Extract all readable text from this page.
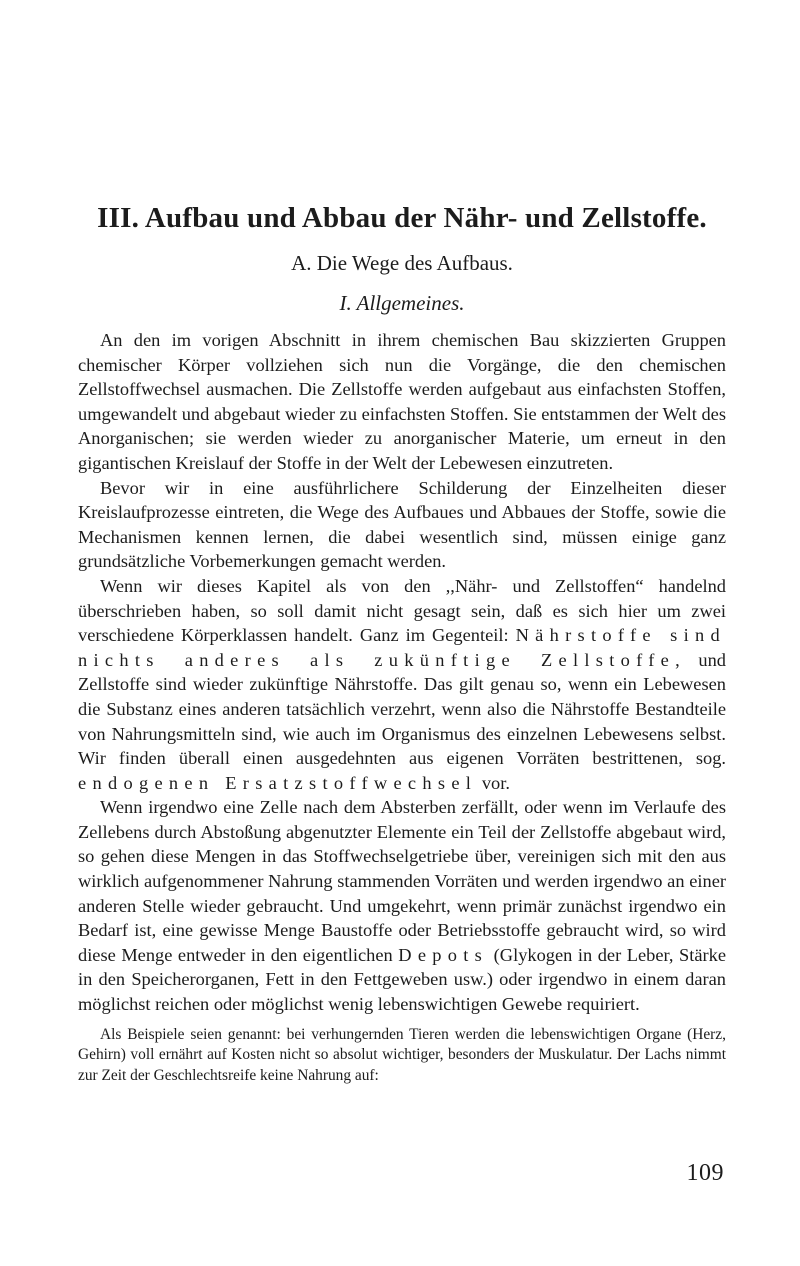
III. Aufbau und Abbau der Nähr- und Zellstoffe.
A. Die Wege des Aufbaus.
I. Allgemeines.

An den im vorigen Abschnitt in ihrem chemischen Bau skizzierten Gruppen chemischer Körper vollziehen sich nun die Vorgänge, die den chemischen Zellstoffwechsel ausmachen. Die Zellstoffe werden aufgebaut aus einfachsten Stoffen, umgewandelt und abgebaut wieder zu einfachsten Stoffen. Sie entstammen der Welt des Anorganischen; sie werden wieder zu anorganischer Materie, um erneut in den gigantischen Kreislauf der Stoffe in der Welt der Lebewesen einzutreten.

Bevor wir in eine ausführlichere Schilderung der Einzelheiten dieser Kreislaufprozesse eintreten, die Wege des Aufbaues und Abbaues der Stoffe, sowie die Mechanismen kennen lernen, die dabei wesentlich sind, müssen einige ganz grundsätzliche Vorbemerkungen gemacht werden.

Wenn wir dieses Kapitel als von den ,,Nähr- und Zellstoffen“ handelnd überschrieben haben, so soll damit nicht gesagt sein, daß es sich hier um zwei verschiedene Körperklassen handelt. Ganz im Gegenteil: Nährstoffe sind nichts anderes als zukünftige Zellstoffe, und Zellstoffe sind wieder zukünftige Nährstoffe. Das gilt genau so, wenn ein Lebewesen die Substanz eines anderen tatsächlich verzehrt, wenn also die Nährstoffe Bestandteile von Nahrungsmitteln sind, wie auch im Organismus des einzelnen Lebewesens selbst. Wir finden überall einen ausgedehnten aus eigenen Vorräten bestrittenen, sog. endogenen Ersatzstoffwechsel vor.

Wenn irgendwo eine Zelle nach dem Absterben zerfällt, oder wenn im Verlaufe des Zellebens durch Abstoßung abgenutzter Elemente ein Teil der Zellstoffe abgebaut wird, so gehen diese Mengen in das Stoffwechselgetriebe über, vereinigen sich mit den aus wirklich aufgenommener Nahrung stammenden Vorräten und werden irgendwo an einer anderen Stelle wieder gebraucht. Und umgekehrt, wenn primär zunächst irgendwo ein Bedarf ist, eine gewisse Menge Baustoffe oder Betriebsstoffe gebraucht wird, so wird diese Menge entweder in den eigentlichen Depots (Glykogen in der Leber, Stärke in den Speicherorganen, Fett in den Fettgeweben usw.) oder irgendwo in einem daran möglichst reichen oder möglichst wenig lebenswichtigen Gewebe requiriert.

Als Beispiele seien genannt: bei verhungernden Tieren werden die lebenswichtigen Organe (Herz, Gehirn) voll ernährt auf Kosten nicht so absolut wichtiger, besonders der Muskulatur. Der Lachs nimmt zur Zeit der Geschlechtsreife keine Nahrung auf:

109
